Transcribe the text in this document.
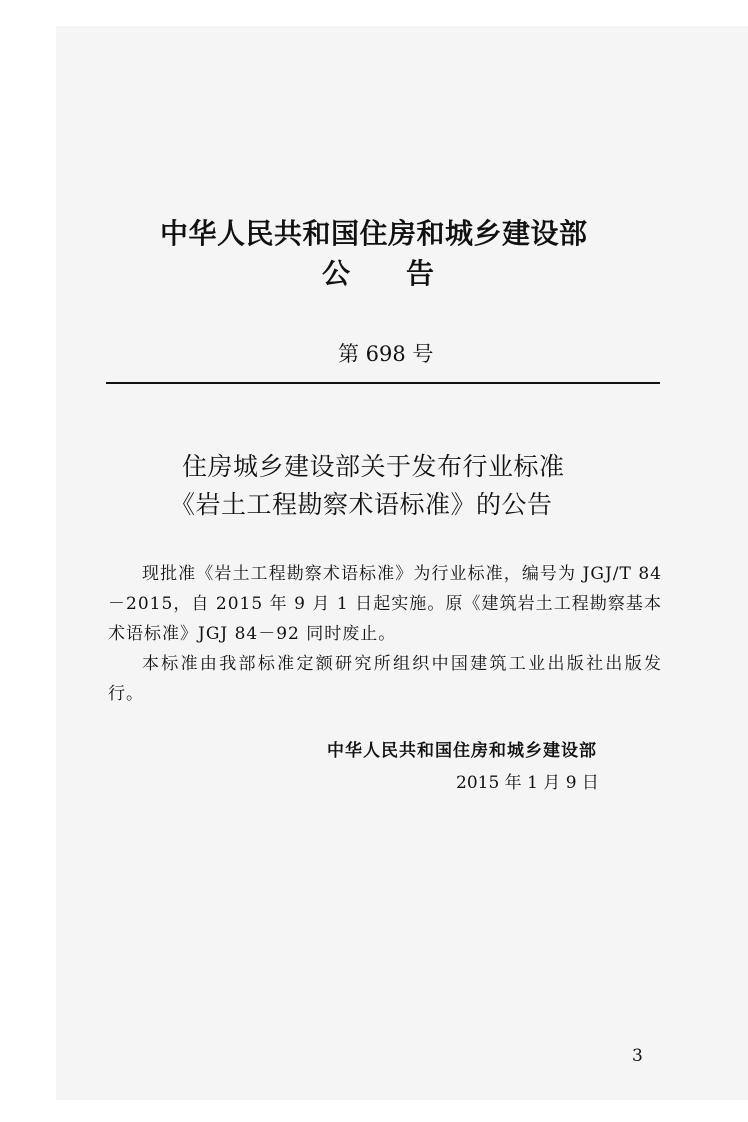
中华人民共和国住房和城乡建设部
公告
第 698 号
住房城乡建设部关于发布行业标准
《岩土工程勘察术语标准》的公告

现批准《岩土工程勘察术语标准》为行业标准，编号为 JGJ/T 84－2015，自 2015 年 9 月 1 日起实施。原《建筑岩土工程勘察基本术语标准》JGJ 84－92 同时废止。

本标准由我部标准定额研究所组织中国建筑工业出版社出版发行。

中华人民共和国住房和城乡建设部
2015 年 1 月 9 日
3
